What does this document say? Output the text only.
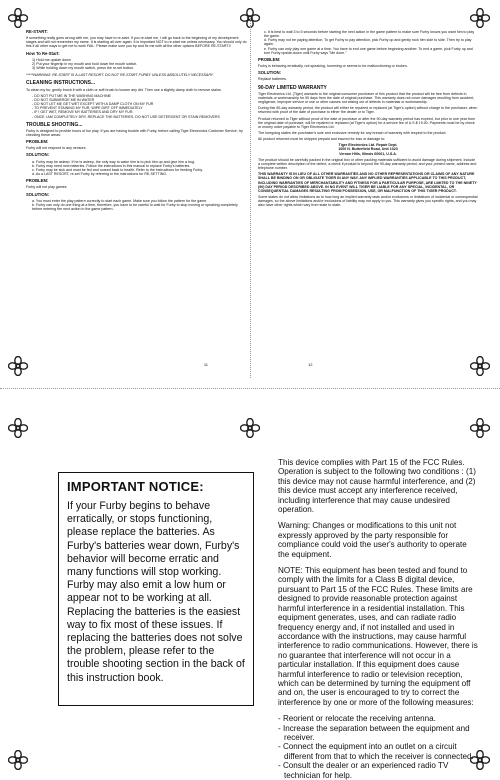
RE-START:

If something really goes wrong with me, you may have to re-start. If you re-start me, I will go back to the beginning of my development stages and will not remember my name. It is starting all over again. It is important NOT to re-start me unless necessary. You should only do this if all other ways to get me to work FAIL. Please make sure you try and fix me with all the other options BEFORE RE-STARTI!

How To Re-Start:

1) Hold me upside down
2) Put your fingertip in my mouth and hold down the mouth switch.
3) While holding down my mouth switch, press the re-set button.

*****WARNING: RE-START IS A LAST RESORT. DO NOT RE-START FURBY UNLESS ABSOLUTELY NECESSARY.

CLEANING INSTRUCTIONS...

To clean my fur, gently brush it with a cloth or soft brush to loosen any dirt. Then use a slightly damp cloth to remove stains.

- DO NOT PUT ME IN THE WASHING MACHINE
- DO NOT SUBMERGE ME IN WATER
- DO NOT LET ME GET WET EXCEPT WITH A DAMP CLOTH ON MY FUR
- TO PREVENT STAINING MY FUR, WIPE DIRT OFF IMMEDIATELY
- IF I GET WET, REMOVE MY BATTERIES AND DRY MY FUR.
- ONCE I AM COMPLETELY DRY, REPLACE THE BATTERIES. DO NOT USE DETERGENT OR STAIN REMOVERS

TROUBLE SHOOTING...

Furby is designed to provide hours of fun play. If you are having trouble with Furby, before calling Tiger Electronics Customer Service, try checking these areas:

PROBLEM:

Furby will not respond to any sensors

SOLUTION:

a. Furby may be asleep. If he is asleep, the only way to wake him is to pick him up and give him a hug.
b. Furby may need new batteries. Follow the instructions in this manual to replace Furby's batteries.
c. Furby may be sick and must be fed and nursed back to health. Refer to the instructions for feeding Furby.
d. As a LAST RESORT, re-set Furby by referring to the instructions for RE-SETTING.

PROBLEM:

Furby will not play games

SOLUTION:

a. You must enter the play pattern correctly to start each game. Make sure you follow the pattern for the game.
b. Furby can only do one thing at a time, therefore, you have to be careful to wait for Furby to stop moving or speaking completely before entering the next action in the game pattern.
11
c. It is best to wait 3 to 5 seconds before starting the next action in the game pattern to make sure Furby knows you want him to play the game.
d. Furby may not be paying attention. To get Furby to pay attention, pick Furby up and gently rock him side to side. Then try to play again.
e. Furby can only play one game at a time. You have to end one game before beginning another. To end a game, pick Furby up and turn Furby upside-down until Furby says "Me done."

PROBLEM:

Furby is behaving erratically, not speaking, humming or seems to be malfunctioning or broken.

SOLUTION:

Replace batteries.

90-DAY LIMITED WARRANTY

Tiger Electronics Ltd. (Tiger) warrants to the original consumer purchaser of this product that the product will be free from defects in materials or workmanship for 90 days from the date of original purchase. This warranty does not cover damages resulting from accident, negligence, improper service or use or other causes not arising out of defects in materials or workmanship.

During this 90-day warranty period, the product will either be repaired or replaced (at Tiger's option) without charge to the purchaser, when returned with proof of the date of purchase to either the dealer or to Tiger.

Product returned to Tiger without proof of the date of purchase or after the 90-day warranty period has expired, but prior to one year from the original date of purchase, will be repaired or replaced (at Tiger's option) for a service fee of U.S.$ 19.00. Payments must be by check or money order payable to Tiger Electronics Ltd.

The foregoing states the purchaser's sole and exclusive remedy for any breach of warranty with respect to the product.

All product returned must be shipped prepaid and insured for loss or damage to:

Tiger Electronics Ltd. Repair Dept.
1000 N. Butterfield Road, Unit 1023
Vernon Hills, Illinois 60061, U.S.A.

The product should be carefully packed in the original box or other packing materials sufficient to avoid damage during shipment. Include a complete written description of the defect, a check if product is beyond the 90-day warranty period, and your printed name, address and telephone number.

THIS WARRANTY IS IN LIEU OF ALL OTHER WARRANTIES AND NO OTHER REPRESENTATIONS OR CLAIMS OF ANY NATURE SHALL BE BINDING ON OR OBLIGATE TIGER IN ANY WAY. ANY IMPLIED WARRANTIES APPLICABLE TO THIS PRODUCT, INCLUDING WARRANTIES OF MERCHANTABILITY AND FITNESS FOR A PARTICULAR PURPOSE, ARE LIMITED TO THE NINETY (90) DAY PERIOD DESCRIBED ABOVE. IN NO EVENT WILL TIGER BE LIABLE FOR ANY SPECIAL, INCIDENTAL, OR CONSEQUENTIAL DAMAGES RESULTING FROM POSSESSION, USE, OR MALFUNCTION OF THIS TIGER PRODUCT.

Some states do not allow limitations as to how long an implied warranty lasts and/or exclusions or limitations of incidental or consequential damages, so the above limitations and/or exclusions of liability may not apply to you. This warranty gives you specific rights, and you may also have other rights which vary from state to state.

12
IMPORTANT NOTICE:

If your Furby begins to behave erratically, or stops functioning, please replace the batteries. As Furby's batteries wear down, Furby's behavior will become erratic and many functions will stop working. Furby may also emit a low hum or appear not to be working at all. Replacing the batteries is the easiest way to fix most of these issues. If replacing the batteries does not solve the problem, please refer to the trouble shooting section in the back of this instruction book.

This device complies with Part 15 of the FCC Rules. Operation is subject to the following two conditions : (1) this device may not cause harmful interference, and (2) this device must accept any interference received, including interference that may cause undesired operation.

Warning: Changes or modifications to this unit not expressly approved by the party responsible for compliance could void the user's authority to operate the equipment.

NOTE: This equipment has been tested and found to comply with the limits for a Class B digital device, pursuant to Part 15 of the FCC Rules. These limits are designed to provide reasonable protection against harmful interference in a residential installation. This equipment generates, uses, and can radiate radio frequency energy and, if not installed and used in accordance with the instructions, may cause harmful interference to radio communications. However, there is no guarantee that interference will not occur in a particular installation. If this equipment does cause harmful interference to radio or television reception, which can be determined by turning the equipment off and on, the user is encouraged to try to correct the interference by one or more of the following measures:

- Reorient or relocate the receiving antenna.
- Increase the separation between the equipment and receiver.
- Connect the equipment into an outlet on a circuit different from that to which the receiver is connected.
- Consult the dealer or an experienced radio TV technician for help.
